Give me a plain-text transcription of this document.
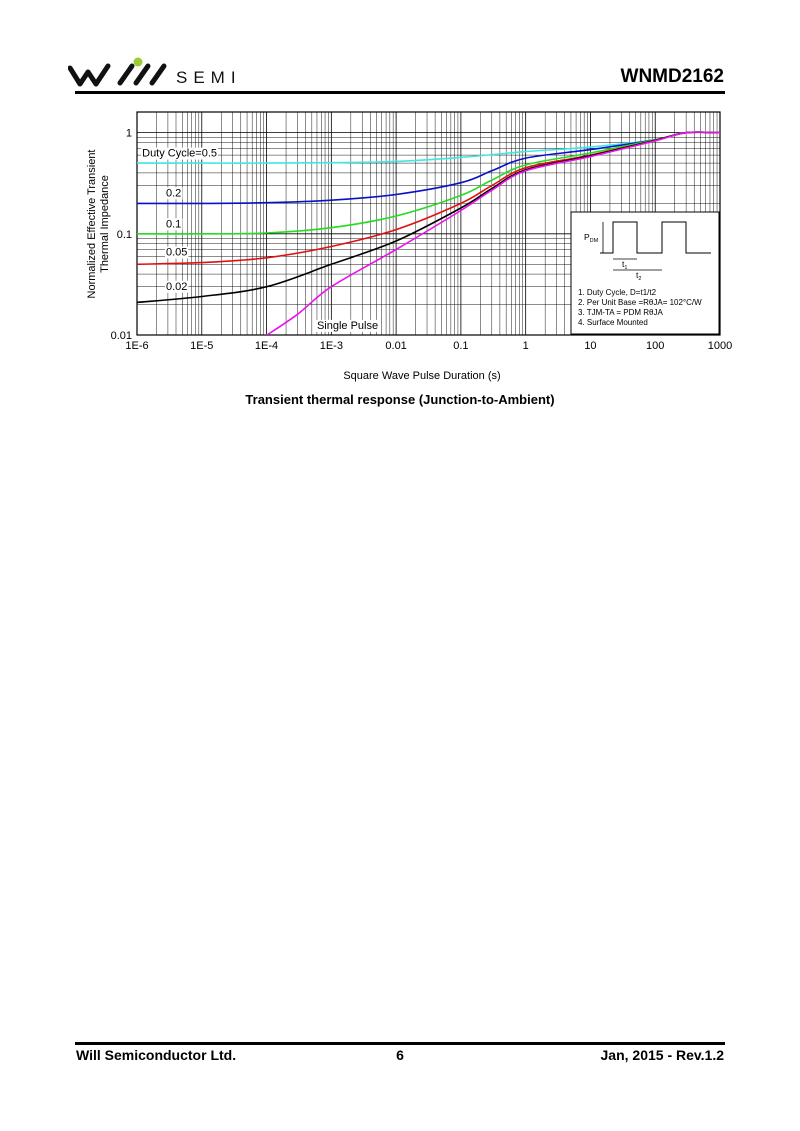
SEMI	WNMD2162
1E-6	1E-5	1E-4	1E-3	0.01	0.1	1	10	100	1000
0.01
0.1
1
Square Wave Pulse Duration (s)
Normalized Effective Transient Thermal Impedance
Duty Cycle=0.5
0.2
0.1
0.05
0.02
Single Pulse
$P_{DM}$
$t_1$
$t_2$
1. Duty Cycle, D=t1/t2
2. Per Unit Base =RθJA= 102°C/W
3. TJM-TA = PDM RθJA
4. Surface Mounted
Transient thermal response (Junction-to-Ambient)
Will Semiconductor Ltd.	6	Jan, 2015 - Rev.1.2
